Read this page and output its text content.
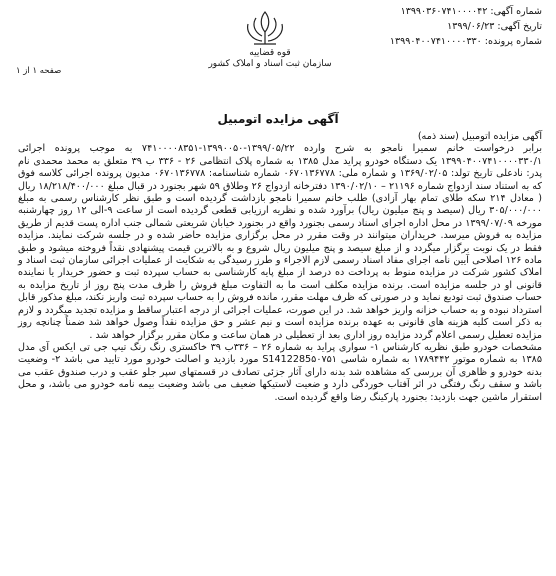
شماره آگهی: ۱۳۹۹۰۳۶۰۷۴۱۰۰۰۰۴۲
تاریخ آگهی: ۱۳۹۹/۰۶/۲۳
شماره پرونده: ۱۳۹۹۰۴۰۰۷۴۱۰۰۰۰۳۳۰
قوه قضاییه
سازمان ثبت اسناد و املاک کشور
صفحه ۱ از ۱
آگهی مزایده اتومبیل

آگهی مزایده اتومبیل (سند ذمه)

برابر درخواست خانم سمیرا نامجو به شرح وارده ۱۳۹۹/۰۵/۲۲-۱۳۹۹۰۰۵۰-۷۴۱۰۰۰۰۸۳۵۱ به موجب پرونده اجرائی ۱۳۹۹۰۴۰۰۷۴۱۰۰۰۰۳۳۰/۱ یک دستگاه خودرو پراید مدل ۱۳۸۵ به شماره پلاک انتظامی ۲۶ - ۳۳۶ ب ۳۹ متعلق به محمد محمدی نام پدر: نادعلی تاریخ تولد: ۱۳۶۹/۰۲/۰۵ و شماره ملی: ۰۶۷۰۱۳۶۷۷۸ شماره شناسنامه: ۰۶۷۰۱۳۶۷۷۸ مدیون پرونده اجرائی کلاسه فوق که به استناد سند ازدواج شماره ۲۱۱۹۶ – ۱۳۹۰/۰۲/۱۰ دفترخانه ازدواج ۲۶ وطلاق ۵۹ شهر بجنورد در قبال مبلغ ۱۸/۲۱۸/۴۰۰/۰۰۰ ریال ( معادل ۲۱۴ سکه طلای تمام بهار آزادی) طلب خانم سمیرا نامجو بازداشت گردیده است و طبق نظر کارشناس رسمی به مبلغ ۳۰۵/۰۰۰/۰۰۰ ریال (سیصد و پنج میلیون ریال) برآورد شده و نظریه ارزیابی قطعی گردیده است از ساعت ۹-الی ۱۲ روز چهارشنبه مورخه ۱۳۹۹/۰۷/۰۹ در محل اداره اجرای اسناد رسمی بجنورد واقع در بجنورد خیابان شریعتی شمالی جنب اداره پست قدیم از طریق مزایده به فروش میرسد. خریداران میتوانند در وقت مقرر در محل برگزاری مزایده حاضر شده و در جلسه شرکت نمایند. مزایده فقط در یک نوبت برگزار میگردد و از مبلغ سیصد و پنج میلیون ریال شروع و به بالاترین قیمت پیشنهادی نقداً فروخته میشود و طبق ماده ۱۲۶ اصلاحی آیین نامه اجرای مفاد اسناد رسمی لازم الاجراء و طرز رسیدگی به شکایت از عملیات اجرائی سازمان ثبت اسناد و املاک کشور شرکت در مزایده منوط به پرداخت ده درصد از مبلغ پایه کارشناسی به حساب سپرده ثبت و حضور خریدار یا نماینده قانونی او در جلسه مزایده است. برنده مزایده مکلف است ما به التفاوت مبلغ فروش را ظرف مدت پنج روز از تاریخ مزایده به حساب صندوق ثبت تودیع نماید و در صورتی که ظرف مهلت مقرر، مانده فروش را به حساب سپرده ثبت واریز نکند، مبلغ مذکور قابل استرداد نبوده و به حساب خزانه واریز خواهد شد. در این صورت، عملیات اجرائی از درجه اعتبار ساقط و مزایده تجدید میگردد و لازم به ذکر است کلیه هزینه های قانونی به عهده برنده مزایده است و نیم عشر و حق مزایده نقداً وصول خواهد شد ضمناً چنانچه روز مزایده تعطیل رسمی اعلام گردد مزایده روز اداری بعد از تعطیلی در همان ساعت و مکان مقرر برگزار خواهد شد .

مشخصات خودرو طبق نظریه کارشناس ۱- سواری پراید به شماره ۲۶ – ۳۳۶ب ۳۹ خاکستری رنگ رنگ تیپ جی تی ایکس آی مدل ۱۳۸۵ به شماره موتور ۱۷۸۹۴۴۲ به شماره شاسی S1412285۵۰۷۵۱ مورد بازدید و اصالت خودرو مورد تایید می باشد ۲- وضعیت بدنه خودرو و ظاهری آن بررسی که مشاهده شد بدنه دارای آثار جزئی تصادف در قسمتهای سپر جلو عقب و درب صندوق عقب می باشد و سقف رنگ رفتگی در اثر آفتاب خوردگی دارد و ضعیت لاستیکها ضعیف می باشد وضعیت بیمه نامه خودرو می باشد، و محل استقرار ماشین جهت بازدید: بجنورد پارکینگ رضا واقع گردیده است.
